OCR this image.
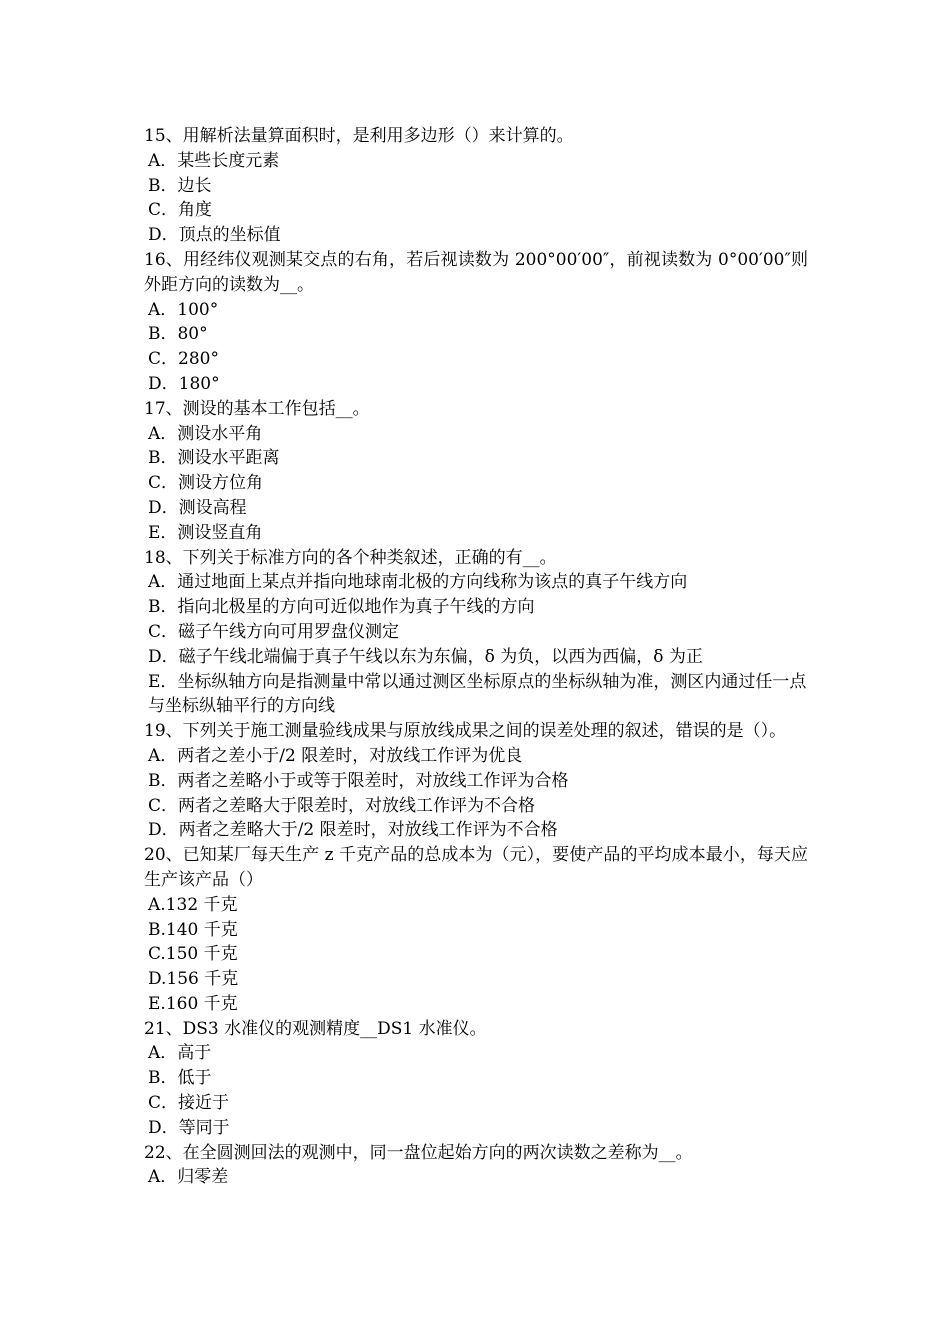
15、用解析法量算面积时，是利用多边形（）来计算的。

A．某些长度元素

B．边长

C．角度

D．顶点的坐标值

16、用经纬仪观测某交点的右角，若后视读数为 200°00′00″，前视读数为 0°00′00″则外距方向的读数为__。

A．100°

B．80°

C．280°

D．180°

17、测设的基本工作包括__。

A．测设水平角

B．测设水平距离

C．测设方位角

D．测设高程

E．测设竖直角

18、下列关于标准方向的各个种类叙述，正确的有__。

A．通过地面上某点并指向地球南北极的方向线称为该点的真子午线方向

B．指向北极星的方向可近似地作为真子午线的方向

C．磁子午线方向可用罗盘仪测定

D．磁子午线北端偏于真子午线以东为东偏，δ 为负，以西为西偏，δ 为正

E．坐标纵轴方向是指测量中常以通过测区坐标原点的坐标纵轴为准，测区内通过任一点与坐标纵轴平行的方向线

19、下列关于施工测量验线成果与原放线成果之间的误差处理的叙述，错误的是（）。

A．两者之差小于/2 限差时，对放线工作评为优良

B．两者之差略小于或等于限差时，对放线工作评为合格

C．两者之差略大于限差时，对放线工作评为不合格

D．两者之差略大于/2 限差时，对放线工作评为不合格

20、已知某厂每天生产 z 千克产品的总成本为（元），要使产品的平均成本最小，每天应生产该产品（）

A.132 千克

B.140 千克

C.150 千克

D.156 千克

E.160 千克

21、DS3 水准仪的观测精度__DS1 水准仪。

A．高于

B．低于

C．接近于

D．等同于

22、在全圆测回法的观测中，同一盘位起始方向的两次读数之差称为__。

A．归零差
